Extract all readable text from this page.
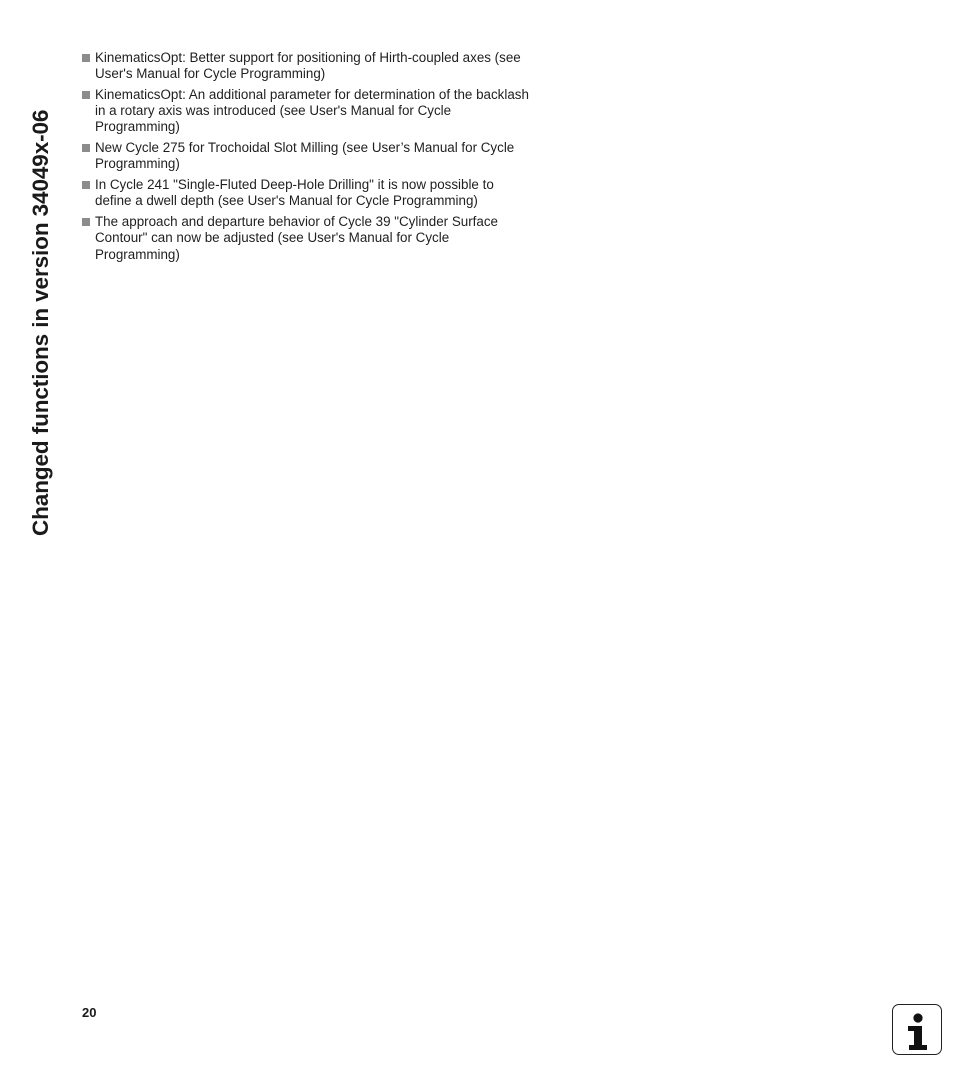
Changed functions in version 34049x-06
KinematicsOpt: Better support for positioning of Hirth-coupled axes (see User's Manual for Cycle Programming)
KinematicsOpt: An additional parameter for determination of the backlash in a rotary axis was introduced (see User's Manual for Cycle Programming)
New Cycle 275 for Trochoidal Slot Milling (see User’s Manual for Cycle Programming)
In Cycle 241 "Single-Fluted Deep-Hole Drilling" it is now possible to define a dwell depth (see User's Manual for Cycle Programming)
The approach and departure behavior of Cycle 39 "Cylinder Surface Contour" can now be adjusted (see User's Manual for Cycle Programming)
20
